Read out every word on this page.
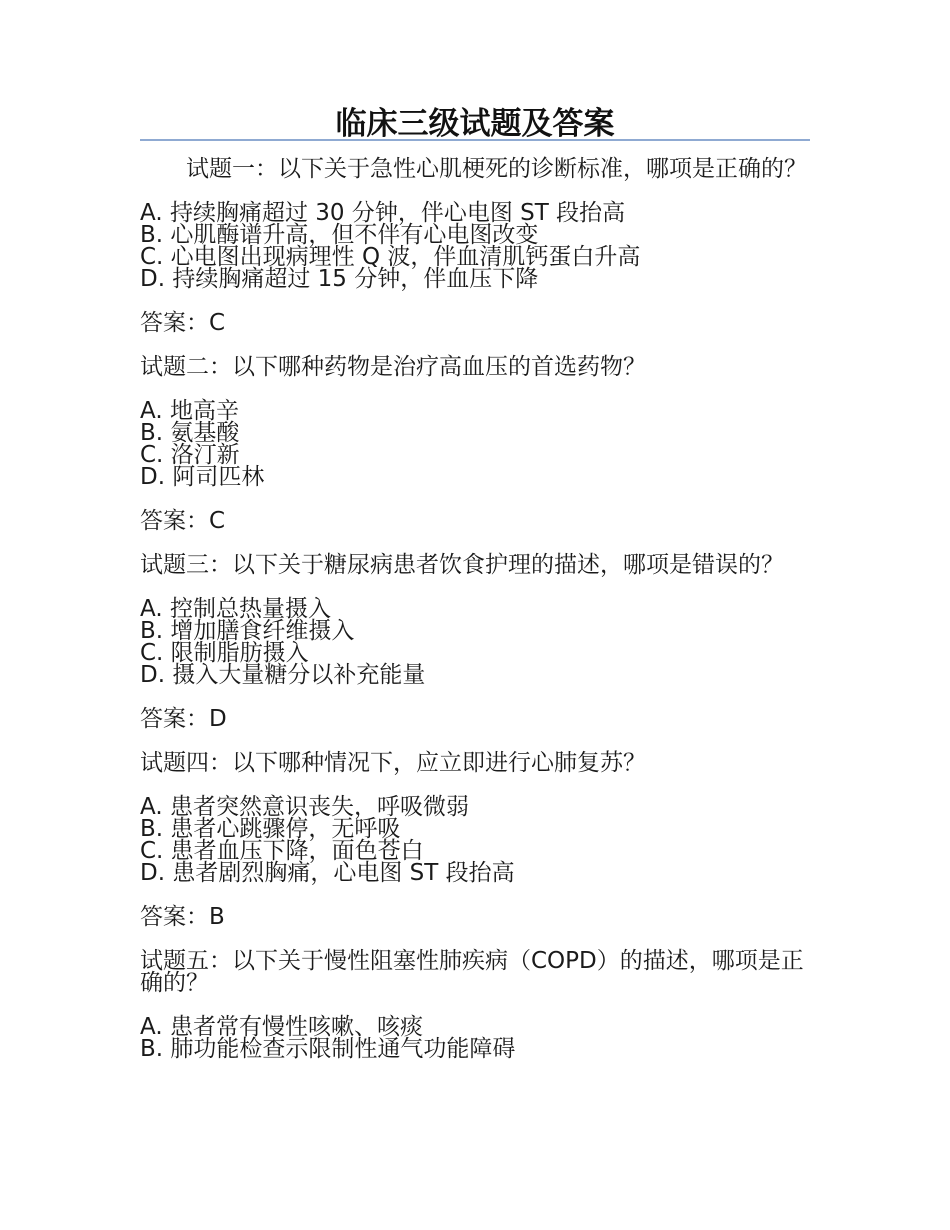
临床三级试题及答案

试题一：以下关于急性心肌梗死的诊断标准，哪项是正确的？

A. 持续胸痛超过 30 分钟，伴心电图 ST 段抬高
B. 心肌酶谱升高，但不伴有心电图改变
C. 心电图出现病理性 Q 波，伴血清肌钙蛋白升高
D. 持续胸痛超过 15 分钟，伴血压下降

答案：C

试题二：以下哪种药物是治疗高血压的首选药物？

A. 地高辛
B. 氨基酸
C. 洛汀新
D. 阿司匹林

答案：C

试题三：以下关于糖尿病患者饮食护理的描述，哪项是错误的？

A. 控制总热量摄入
B. 增加膳食纤维摄入
C. 限制脂肪摄入
D. 摄入大量糖分以补充能量

答案：D

试题四：以下哪种情况下，应立即进行心肺复苏？

A. 患者突然意识丧失，呼吸微弱
B. 患者心跳骤停，无呼吸
C. 患者血压下降，面色苍白
D. 患者剧烈胸痛，心电图 ST 段抬高

答案：B

试题五：以下关于慢性阻塞性肺疾病（COPD）的描述，哪项是正确的？

A. 患者常有慢性咳嗽、咳痰
B. 肺功能检查示限制性通气功能障碍
